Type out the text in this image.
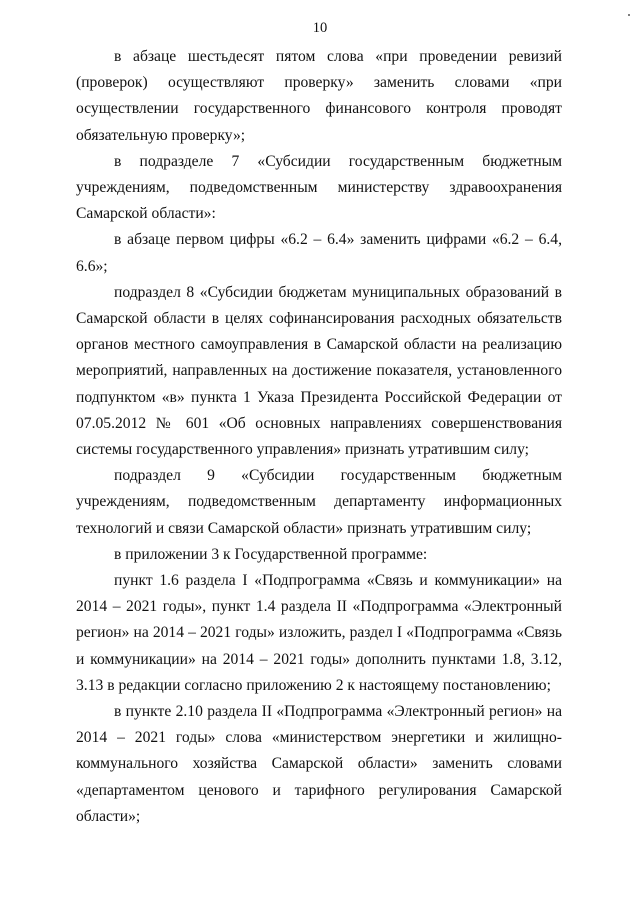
10

в абзаце шестьдесят пятом слова «при проведении ревизий (проверок) осуществляют проверку» заменить словами «при осуществлении государственного финансового контроля проводят обязательную проверку»;

в подразделе 7 «Субсидии государственным бюджетным учреждениям, подведомственным министерству здравоохранения Самарской области»:

в абзаце первом цифры «6.2 – 6.4» заменить цифрами «6.2 – 6.4, 6.6»;

подраздел 8 «Субсидии бюджетам муниципальных образований в Самарской области в целях софинансирования расходных обязательств органов местного самоуправления в Самарской области на реализацию мероприятий, направленных на достижение показателя, установленного подпунктом «в» пункта 1 Указа Президента Российской Федерации от 07.05.2012 № 601 «Об основных направлениях совершенствования системы государственного управления» признать утратившим силу;

подраздел 9 «Субсидии государственным бюджетным учреждениям, подведомственным департаменту информационных технологий и связи Самарской области» признать утратившим силу;

в приложении 3 к Государственной программе:

пункт 1.6 раздела I «Подпрограмма «Связь и коммуникации» на 2014 – 2021 годы», пункт 1.4 раздела II «Подпрограмма «Электронный регион» на 2014 – 2021 годы» изложить, раздел I «Подпрограмма «Связь и коммуникации» на 2014 – 2021 годы» дополнить пунктами 1.8, 3.12, 3.13 в редакции согласно приложению 2 к настоящему постановлению;

в пункте 2.10 раздела II «Подпрограмма «Электронный регион» на 2014 – 2021 годы» слова «министерством энергетики и жилищно-коммунального хозяйства Самарской области» заменить словами «департаментом ценового и тарифного регулирования Самарской области»;
